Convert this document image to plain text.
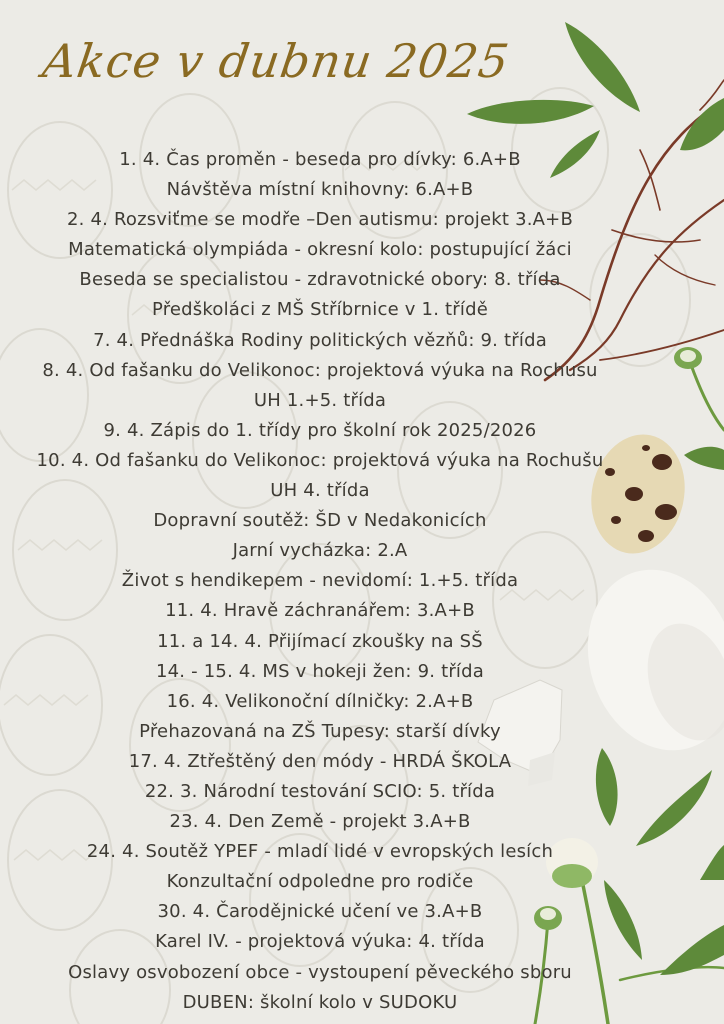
Akce v dubnu 2025
1. 4. Čas proměn - beseda pro dívky: 6.A+B
Návštěva místní knihovny: 6.A+B
2. 4. Rozsviťme se modře –Den autismu: projekt 3.A+B
Matematická olympiáda - okresní kolo: postupující žáci
Beseda se specialistou - zdravotnické obory: 8. třída
Předškoláci z MŠ Stříbrnice v 1. třídě
7. 4. Přednáška Rodiny politických vězňů: 9. třída
8. 4. Od fašanku do Velikonoc: projektová výuka na Rochusu
UH 1.+5. třída
9. 4. Zápis do 1. třídy pro školní rok 2025/2026
10. 4. Od fašanku do Velikonoc: projektová výuka na Rochušu
UH 4. třída
Dopravní soutěž: ŠD v Nedakonicích
Jarní vycházka: 2.A
Život s hendikepem - nevidomí: 1.+5. třída
11. 4. Hravě záchranářem: 3.A+B
11. a 14. 4. Přijímací zkoušky na SŠ
14. - 15. 4. MS v hokeji žen: 9. třída
16. 4. Velikonoční dílničky: 2.A+B
Přehazovaná na ZŠ Tupesy: starší dívky
17. 4. Ztřeštěný den módy - HRDÁ ŠKOLA
22. 3. Národní testování SCIO: 5. třída
23. 4. Den Země - projekt 3.A+B
24. 4. Soutěž YPEF - mladí lidé v evropských lesích
Konzultační odpoledne pro rodiče
30. 4. Čarodějnické učení ve 3.A+B
Karel IV. - projektová výuka: 4. třída
Oslavy osvobození obce - vystoupení pěveckého sboru
DUBEN: školní kolo v SUDOKU
